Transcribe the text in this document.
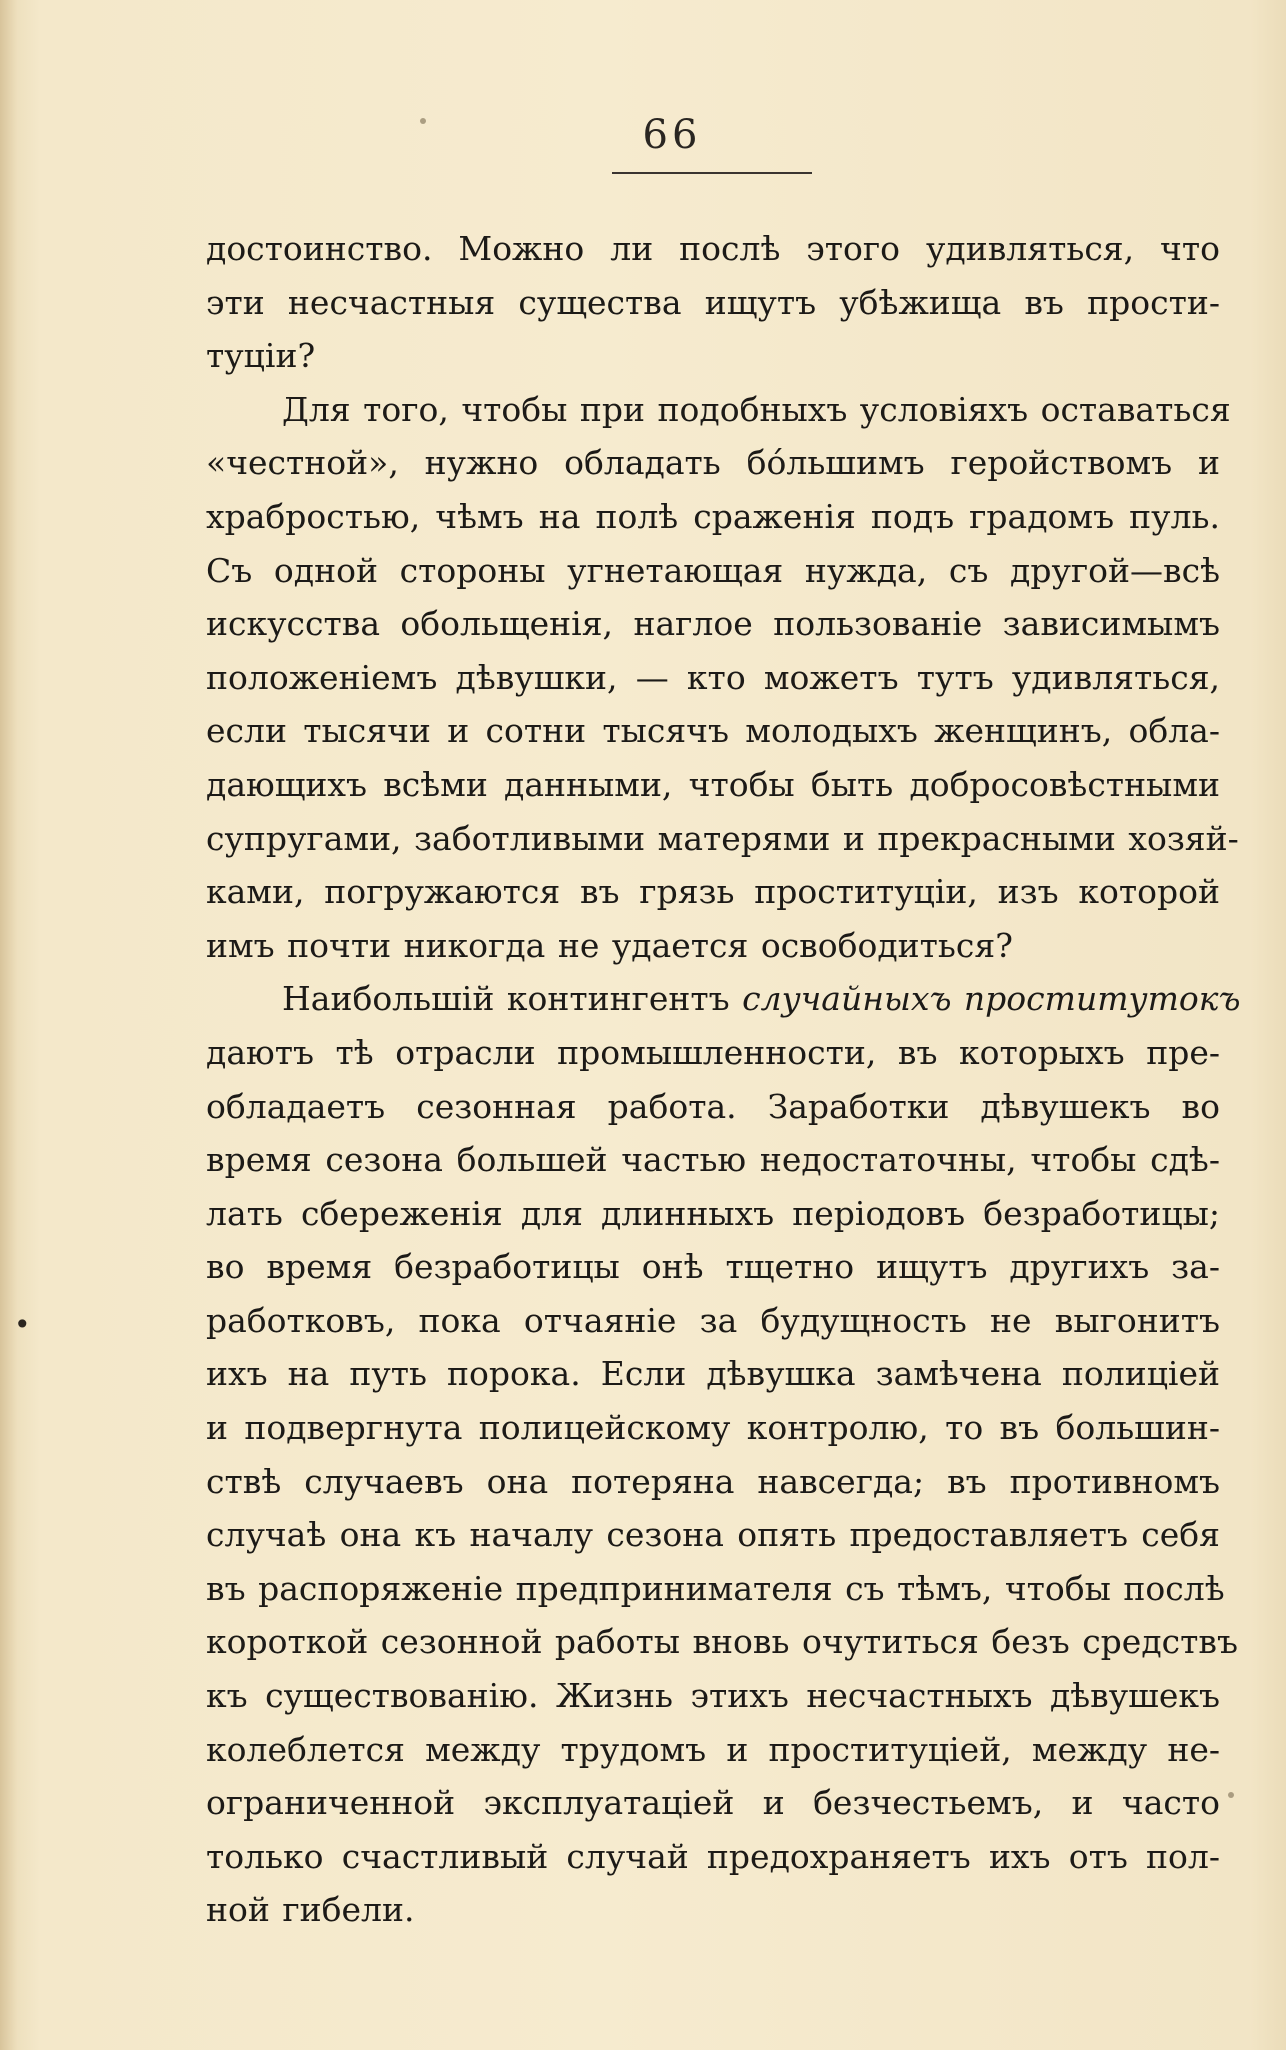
66
•
достоинство. Можно ли послѣ этого удивляться, что
эти несчастныя существа ищутъ убѣжища въ прости-
туціи?
Для того, чтобы при подобныхъ условіяхъ оставаться
«честной», нужно обладать бо́льшимъ геройствомъ и
храбростью, чѣмъ на полѣ сраженія подъ градомъ пуль.
Съ одной стороны угнетающая нужда, съ другой—всѣ
искусства обольщенія, наглое пользованіе зависимымъ
положеніемъ дѣвушки, — кто можетъ тутъ удивляться,
если тысячи и сотни тысячъ молодыхъ женщинъ, обла-
дающихъ всѣми данными, чтобы быть добросовѣстными
супругами, заботливыми матерями и прекрасными хозяй-
ками, погружаются въ грязь проституціи, изъ которой
имъ почти никогда не удается освободиться?
Наибольшій контингентъ случайныхъ проститутокъ
даютъ тѣ отрасли промышленности, въ которыхъ пре-
обладаетъ сезонная работа. Заработки дѣвушекъ во
время сезона большей частью недостаточны, чтобы сдѣ-
лать сбереженія для длинныхъ періодовъ безработицы;
во время безработицы онѣ тщетно ищутъ другихъ за-
работковъ, пока отчаяніе за будущность не выгонитъ
ихъ на путь порока. Если дѣвушка замѣчена полиціей
и подвергнута полицейскому контролю, то въ большин-
ствѣ случаевъ она потеряна навсегда; въ противномъ
случаѣ она къ началу сезона опять предоставляетъ себя
въ распоряженіе предпринимателя съ тѣмъ, чтобы послѣ
короткой сезонной работы вновь очутиться безъ средствъ
къ существованію. Жизнь этихъ несчастныхъ дѣвушекъ
колеблется между трудомъ и проституціей, между не-
ограниченной эксплуатаціей и безчестьемъ, и часто
только счастливый случай предохраняетъ ихъ отъ пол-
ной гибели.
